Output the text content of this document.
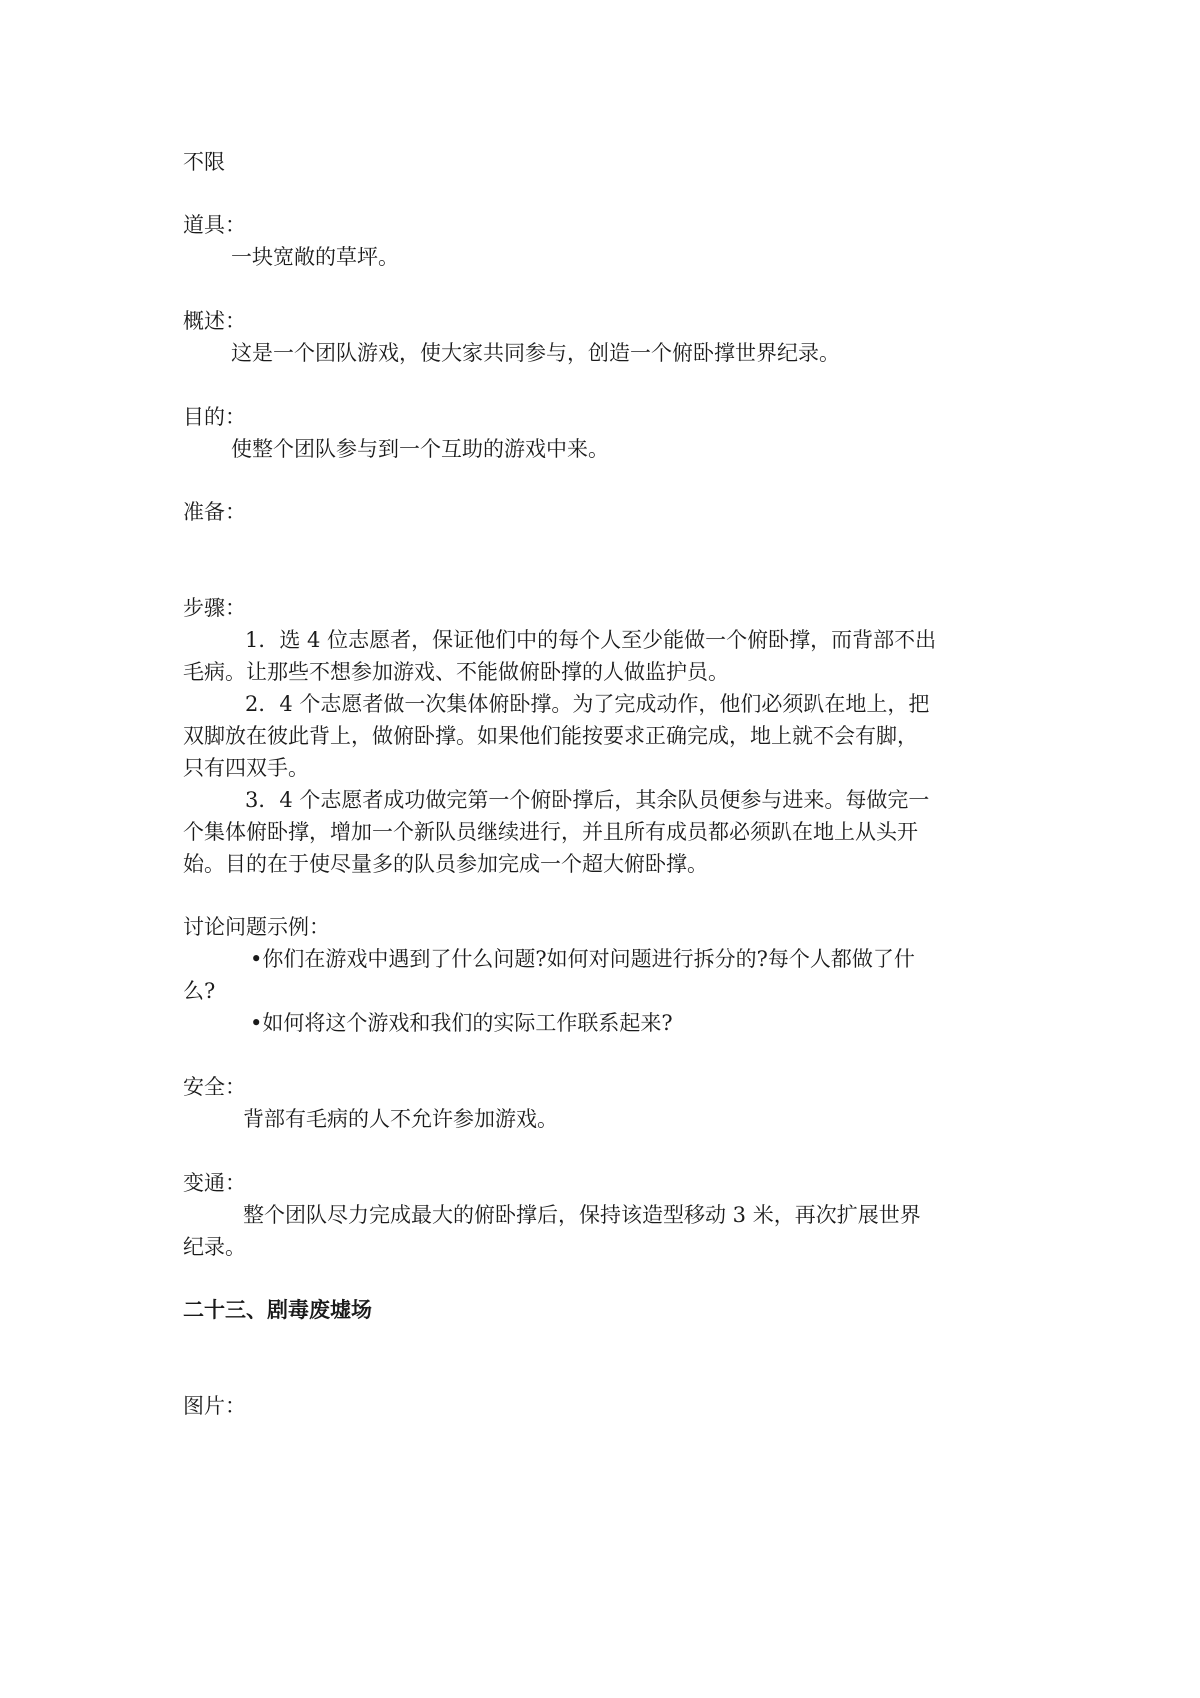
不限
道具：
一块宽敞的草坪。
概述：
这是一个团队游戏，使大家共同参与，创造一个俯卧撑世界纪录。
目的：
使整个团队参与到一个互助的游戏中来。
准备：
步骤：
1．选 4 位志愿者，保证他们中的每个人至少能做一个俯卧撑，而背部不出
毛病。让那些不想参加游戏、不能做俯卧撑的人做监护员。
2．4 个志愿者做一次集体俯卧撑。为了完成动作，他们必须趴在地上，把
双脚放在彼此背上，做俯卧撑。如果他们能按要求正确完成，地上就不会有脚，
只有四双手。
3．4 个志愿者成功做完第一个俯卧撑后，其余队员便参与进来。每做完一
个集体俯卧撑，增加一个新队员继续进行，并且所有成员都必须趴在地上从头开
始。目的在于使尽量多的队员参加完成一个超大俯卧撑。
讨论问题示例：
•你们在游戏中遇到了什么问题?如何对问题进行拆分的?每个人都做了什
么?
•如何将这个游戏和我们的实际工作联系起来?
安全：
背部有毛病的人不允许参加游戏。
变通：
整个团队尽力完成最大的俯卧撑后，保持该造型移动 3 米，再次扩展世界
纪录。
二十三、剧毒废墟场
图片：
